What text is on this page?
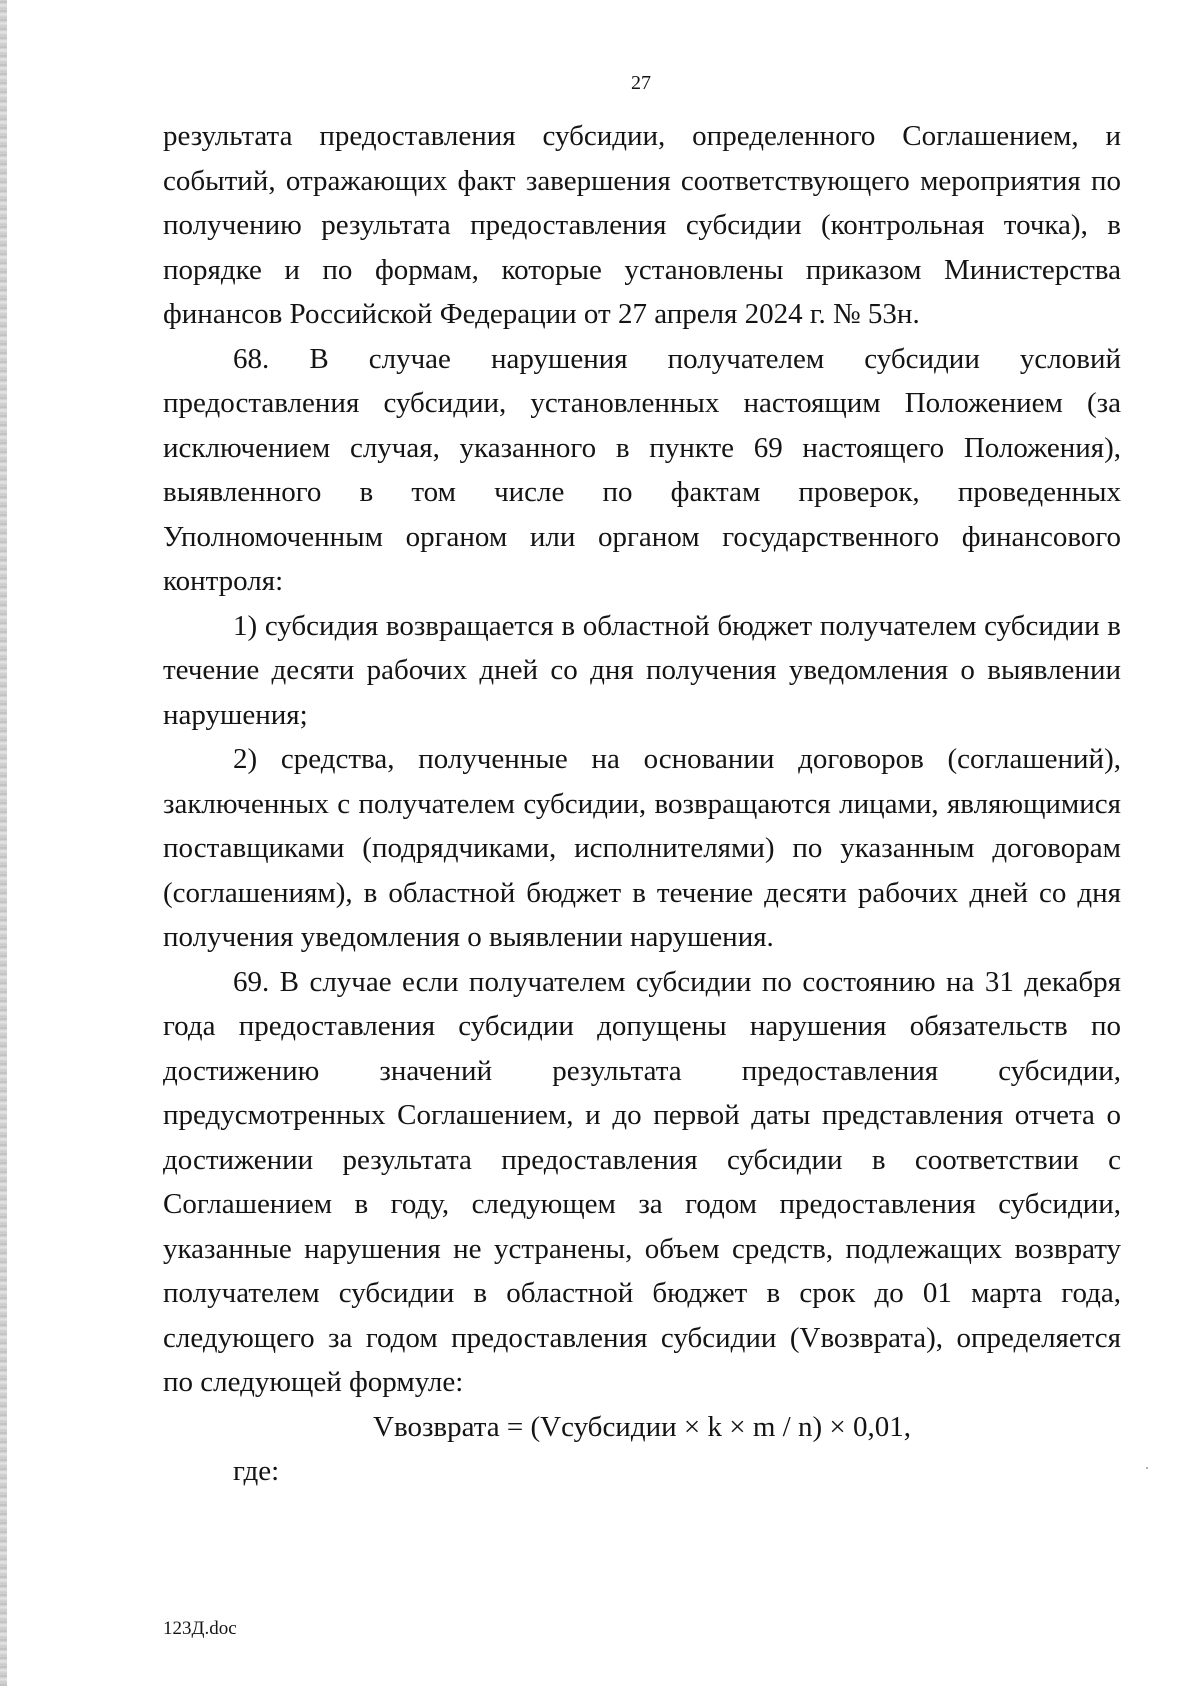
27

результата предоставления субсидии, определенного Соглашением, и событий, отражающих факт завершения соответствующего мероприятия по получению результата предоставления субсидии (контрольная точка), в порядке и по формам, которые установлены приказом Министерства финансов Российской Федерации от 27 апреля 2024 г. № 53н.

68. В случае нарушения получателем субсидии условий предоставления субсидии, установленных настоящим Положением (за исключением случая, указанного в пункте 69 настоящего Положения), выявленного в том числе по фактам проверок, проведенных Уполномоченным органом или органом государственного финансового контроля:

1) субсидия возвращается в областной бюджет получателем субсидии в течение десяти рабочих дней со дня получения уведомления о выявлении нарушения;

2) средства, полученные на основании договоров (соглашений), заключенных с получателем субсидии, возвращаются лицами, являющимися поставщиками (подрядчиками, исполнителями) по указанным договорам (соглашениям), в областной бюджет в течение десяти рабочих дней со дня получения уведомления о выявлении нарушения.

69. В случае если получателем субсидии по состоянию на 31 декабря года предоставления субсидии допущены нарушения обязательств по достижению значений результата предоставления субсидии, предусмотренных Соглашением, и до первой даты представления отчета о достижении результата предоставления субсидии в соответствии с Соглашением в году, следующем за годом предоставления субсидии, указанные нарушения не устранены, объем средств, подлежащих возврату получателем субсидии в областной бюджет в срок до 01 марта года, следующего за годом предоставления субсидии (Vвозврата), определяется по следующей формуле:

Vвозврата = (Vсубсидии × k × m / n) × 0,01,

где:

123Д.doc
